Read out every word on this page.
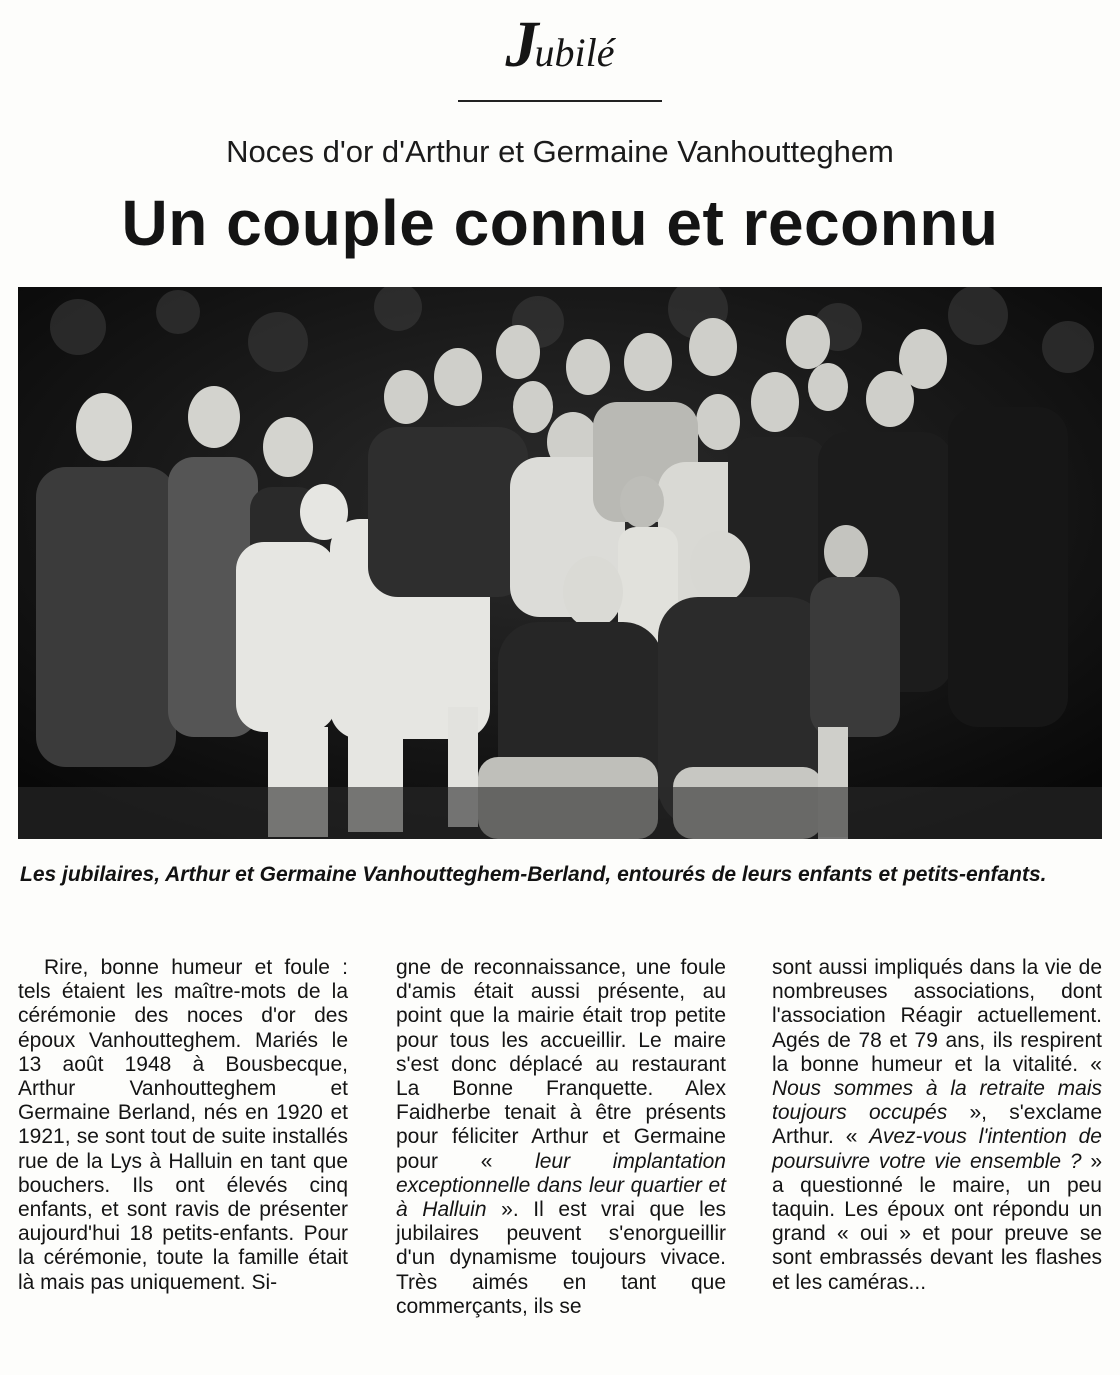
Jubilé
Noces d'or d'Arthur et Germaine Vanhoutteghem
Un couple connu et reconnu
Les jubilaires, Arthur et Germaine Vanhoutteghem-Berland, entourés de leurs enfants et petits-enfants.

Rire, bonne humeur et foule : tels étaient les maître-mots de la cérémonie des noces d'or des époux Vanhoutteghem. Mariés le 13 août 1948 à Bousbecque, Arthur Vanhoutteghem et Germaine Berland, nés en 1920 et 1921, se sont tout de suite installés rue de la Lys à Halluin en tant que bouchers. Ils ont élevés cinq enfants, et sont ravis de présenter aujourd'hui 18 petits-enfants. Pour la cérémonie, toute la famille était là mais pas uniquement. Si-

gne de reconnaissance, une foule d'amis était aussi présente, au point que la mairie était trop petite pour tous les accueillir. Le maire s'est donc déplacé au restaurant La Bonne Franquette. Alex Faidherbe tenait à être présents pour féliciter Arthur et Germaine pour « leur implantation exceptionnelle dans leur quartier et à Halluin ». Il est vrai que les jubilaires peuvent s'enorgueillir d'un dynamisme toujours vivace. Très aimés en tant que commerçants, ils se

sont aussi impliqués dans la vie de nombreuses associations, dont l'association Réagir actuellement. Agés de 78 et 79 ans, ils respirent la bonne humeur et la vitalité. « Nous sommes à la retraite mais toujours occupés », s'exclame Arthur. « Avez-vous l'intention de poursuivre votre vie ensemble ? » a questionné le maire, un peu taquin. Les époux ont répondu un grand « oui » et pour preuve se sont embrassés devant les flashes et les caméras...
